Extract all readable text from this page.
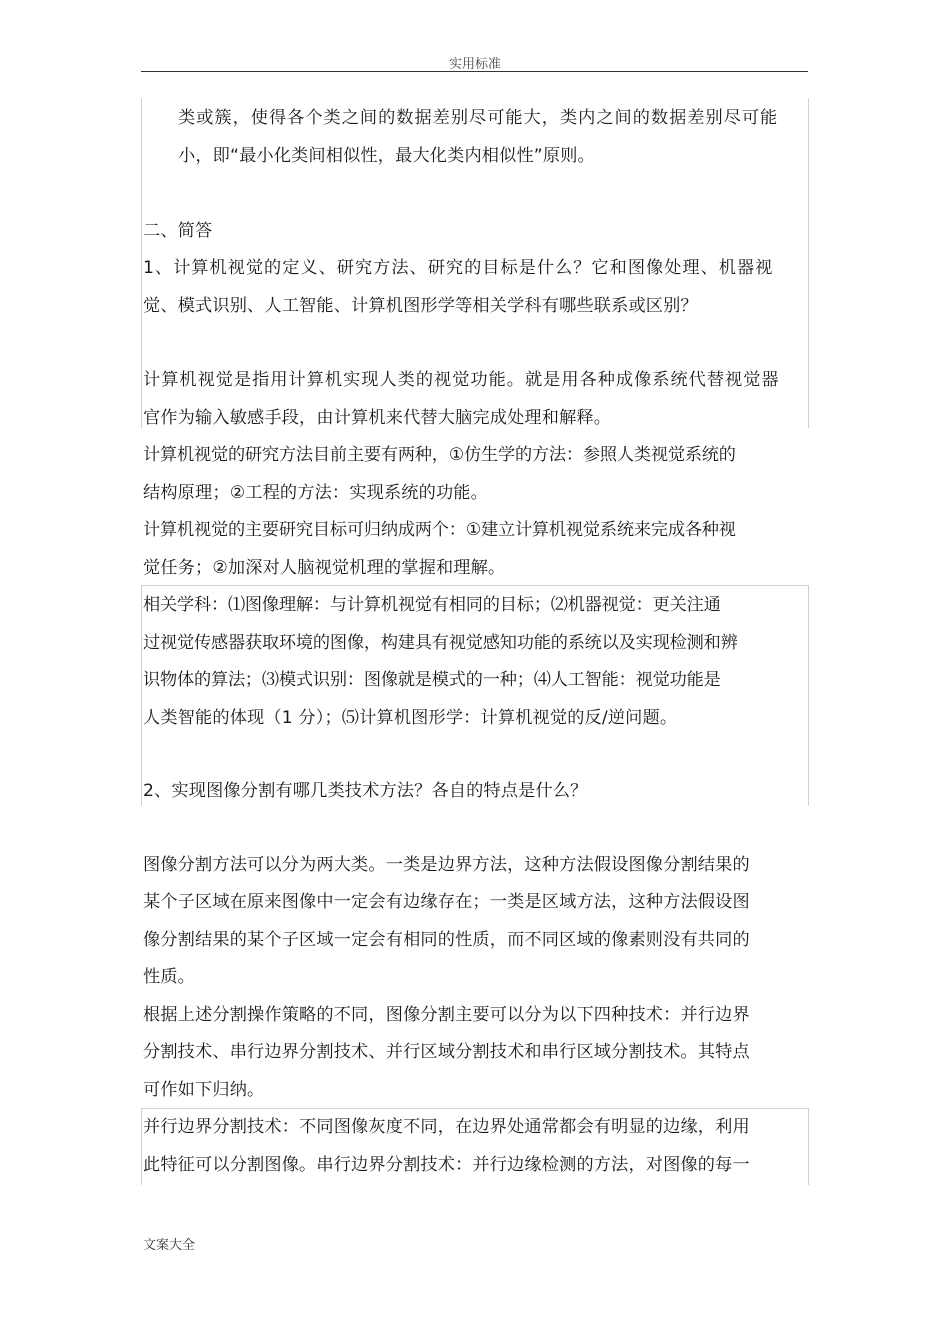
实用标准
类或簇，使得各个类之间的数据差别尽可能大，类内之间的数据差别尽可能
小，即“最小化类间相似性，最大化类内相似性”原则。
二、简答
1、计算机视觉的定义、研究方法、研究的目标是什么？它和图像处理、机器视
觉、模式识别、人工智能、计算机图形学等相关学科有哪些联系或区别？
计算机视觉是指用计算机实现人类的视觉功能。就是用各种成像系统代替视觉器
官作为输入敏感手段，由计算机来代替大脑完成处理和解释。
计算机视觉的研究方法目前主要有两种，①仿生学的方法：参照人类视觉系统的
结构原理；②工程的方法：实现系统的功能。
计算机视觉的主要研究目标可归纳成两个：①建立计算机视觉系统来完成各种视
觉任务；②加深对人脑视觉机理的掌握和理解。
相关学科：⑴图像理解：与计算机视觉有相同的目标；⑵机器视觉：更关注通
过视觉传感器获取环境的图像，构建具有视觉感知功能的系统以及实现检测和辨
识物体的算法；⑶模式识别：图像就是模式的一种；⑷人工智能：视觉功能是
人类智能的体现（1 分）；⑸计算机图形学：计算机视觉的反/逆问题。
2、实现图像分割有哪几类技术方法？各自的特点是什么？
图像分割方法可以分为两大类。一类是边界方法，这种方法假设图像分割结果的
某个子区域在原来图像中一定会有边缘存在；一类是区域方法，这种方法假设图
像分割结果的某个子区域一定会有相同的性质，而不同区域的像素则没有共同的
性质。
根据上述分割操作策略的不同，图像分割主要可以分为以下四种技术：并行边界
分割技术、串行边界分割技术、并行区域分割技术和串行区域分割技术。其特点
可作如下归纳。
并行边界分割技术：不同图像灰度不同，在边界处通常都会有明显的边缘，利用
此特征可以分割图像。串行边界分割技术：并行边缘检测的方法，对图像的每一
文案大全
